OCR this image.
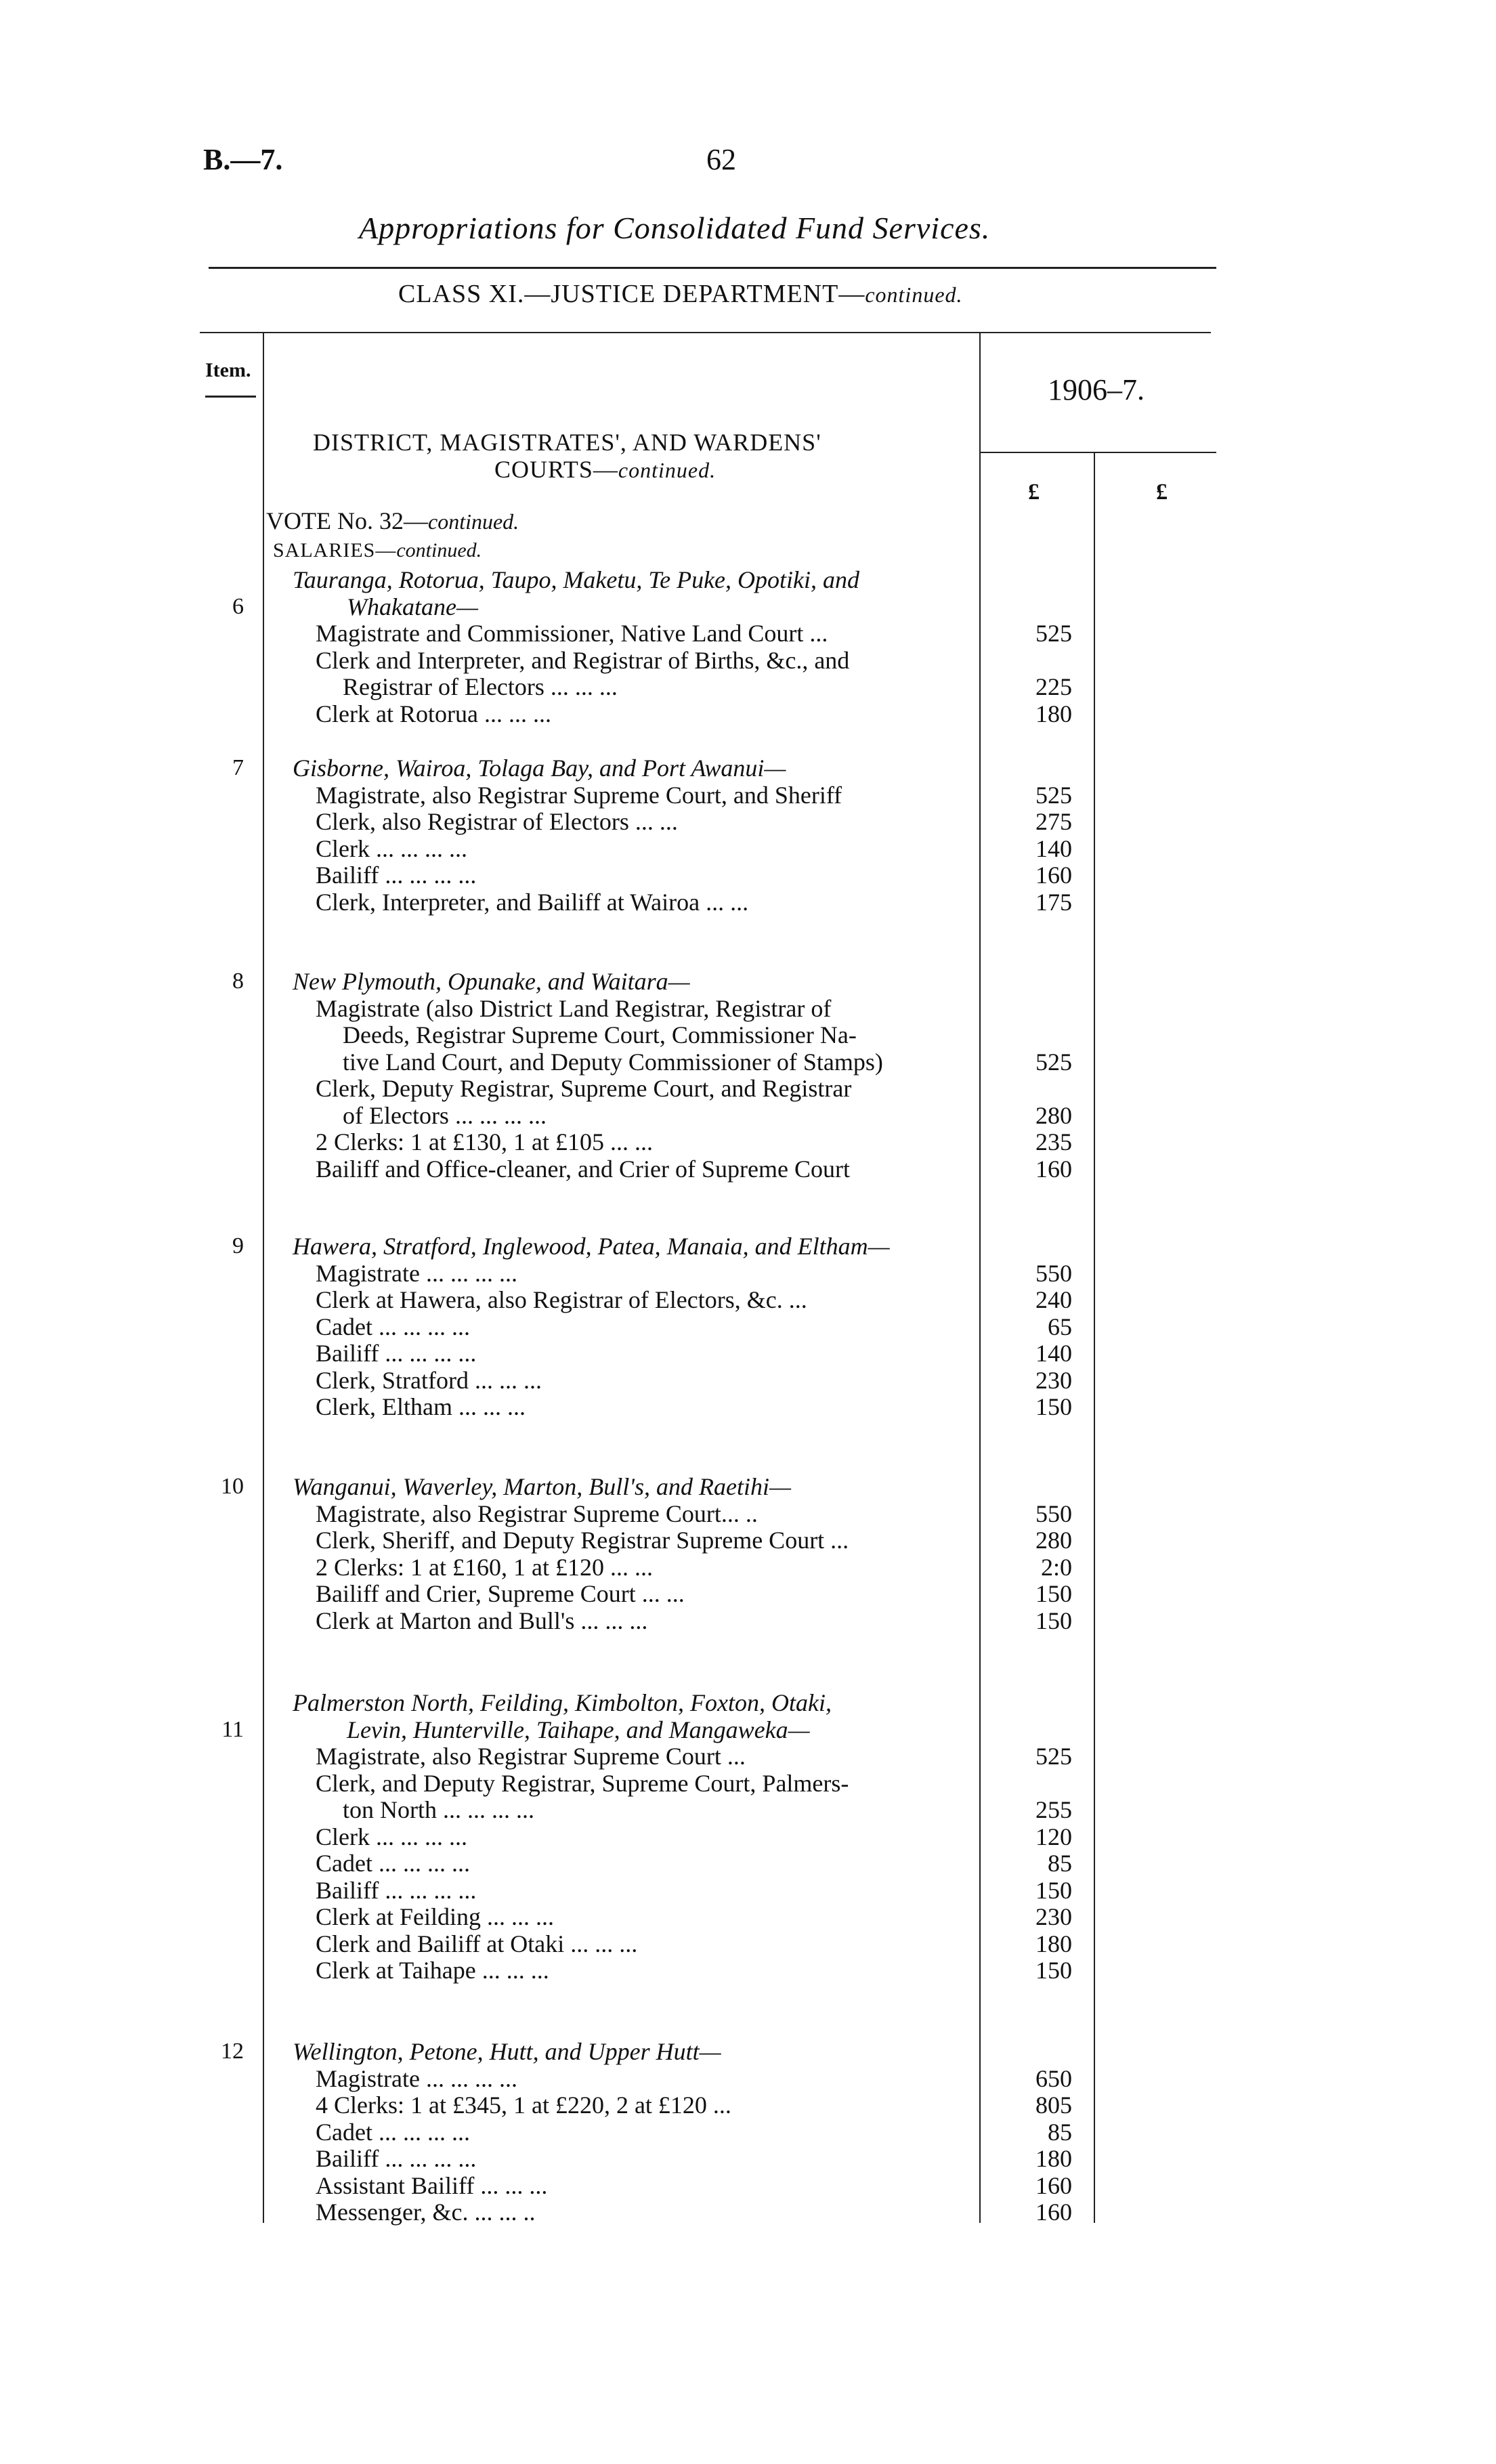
B.—7.	62
Appropriations for Consolidated Fund Services.
CLASS XI.—JUSTICE DEPARTMENT—continued.
Item.
1906–7.
£	£
DISTRICT, MAGISTRATES', AND WARDENS'
COURTS—continued.
VOTE No. 32—continued.
SALARIES—continued.
Tauranga, Rotorua, Taupo, Maketu, Te Puke, Opotiki, and
Whakatane—
6
Magistrate and Commissioner, Native Land Court ...	525
Clerk and Interpreter, and Registrar of Births, &c., and
Registrar of Electors ... ... ...	225
Clerk at Rotorua ... ... ...	180
Gisborne, Wairoa, Tolaga Bay, and Port Awanui—
7
Magistrate, also Registrar Supreme Court, and Sheriff	525
Clerk, also Registrar of Electors ... ...	275
Clerk ... ... ... ...	140
Bailiff ... ... ... ...	160
Clerk, Interpreter, and Bailiff at Wairoa ... ...	175
New Plymouth, Opunake, and Waitara—
8
Magistrate (also District Land Registrar, Registrar of
Deeds, Registrar Supreme Court, Commissioner Na-
tive Land Court, and Deputy Commissioner of Stamps)	525
Clerk, Deputy Registrar, Supreme Court, and Registrar
of Electors ... ... ... ...	280
2 Clerks: 1 at £130, 1 at £105 ... ...	235
Bailiff and Office-cleaner, and Crier of Supreme Court	160
Hawera, Stratford, Inglewood, Patea, Manaia, and Eltham—
9
Magistrate ... ... ... ...	550
Clerk at Hawera, also Registrar of Electors, &c. ...	240
Cadet ... ... ... ...	65
Bailiff ... ... ... ...	140
Clerk, Stratford ... ... ...	230
Clerk, Eltham ... ... ...	150
Wanganui, Waverley, Marton, Bull's, and Raetihi—
10
Magistrate, also Registrar Supreme Court... ..	550
Clerk, Sheriff, and Deputy Registrar Supreme Court ...	280
2 Clerks: 1 at £160, 1 at £120 ... ...	2:0
Bailiff and Crier, Supreme Court ... ...	150
Clerk at Marton and Bull's ... ... ...	150
Palmerston North, Feilding, Kimbolton, Foxton, Otaki,
Levin, Hunterville, Taihape, and Mangaweka—
11
Magistrate, also Registrar Supreme Court ...	525
Clerk, and Deputy Registrar, Supreme Court, Palmers-
ton North ... ... ... ...	255
Clerk ... ... ... ...	120
Cadet ... ... ... ...	85
Bailiff ... ... ... ...	150
Clerk at Feilding ... ... ...	230
Clerk and Bailiff at Otaki ... ... ...	180
Clerk at Taihape ... ... ...	150
Wellington, Petone, Hutt, and Upper Hutt—
12
Magistrate ... ... ... ...	650
4 Clerks: 1 at £345, 1 at £220, 2 at £120 ...	805
Cadet ... ... ... ...	85
Bailiff ... ... ... ...	180
Assistant Bailiff ... ... ...	160
Messenger, &c. ... ... ..	160
